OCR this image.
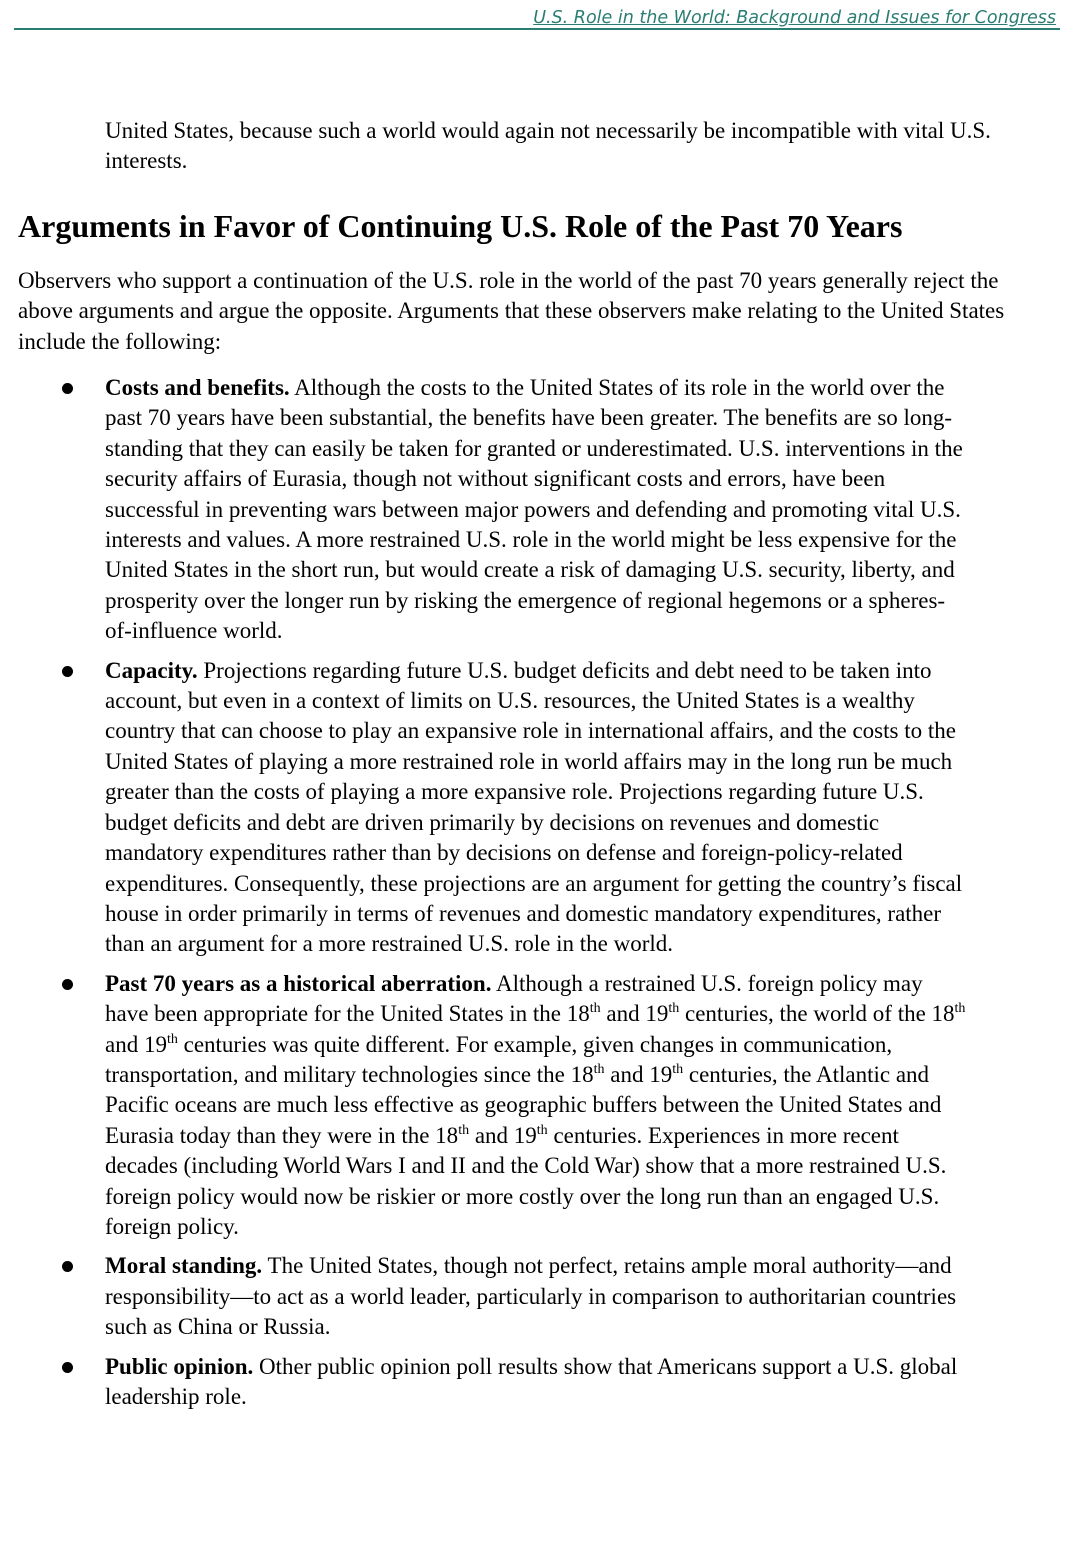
U.S. Role in the World: Background and Issues for Congress

United States, because such a world would again not necessarily be incompatible with vital U.S. interests.

Arguments in Favor of Continuing U.S. Role of the Past 70 Years

Observers who support a continuation of the U.S. role in the world of the past 70 years generally reject the above arguments and argue the opposite. Arguments that these observers make relating to the United States include the following:

Costs and benefits. Although the costs to the United States of its role in the world over the past 70 years have been substantial, the benefits have been greater. The benefits are so long-standing that they can easily be taken for granted or underestimated. U.S. interventions in the security affairs of Eurasia, though not without significant costs and errors, have been successful in preventing wars between major powers and defending and promoting vital U.S. interests and values. A more restrained U.S. role in the world might be less expensive for the United States in the short run, but would create a risk of damaging U.S. security, liberty, and prosperity over the longer run by risking the emergence of regional hegemons or a spheres-of-influence world.
Capacity. Projections regarding future U.S. budget deficits and debt need to be taken into account, but even in a context of limits on U.S. resources, the United States is a wealthy country that can choose to play an expansive role in international affairs, and the costs to the United States of playing a more restrained role in world affairs may in the long run be much greater than the costs of playing a more expansive role. Projections regarding future U.S. budget deficits and debt are driven primarily by decisions on revenues and domestic mandatory expenditures rather than by decisions on defense and foreign-policy-related expenditures. Consequently, these projections are an argument for getting the country’s fiscal house in order primarily in terms of revenues and domestic mandatory expenditures, rather than an argument for a more restrained U.S. role in the world.
Past 70 years as a historical aberration. Although a restrained U.S. foreign policy may have been appropriate for the United States in the 18th and 19th centuries, the world of the 18th and 19th centuries was quite different. For example, given changes in communication, transportation, and military technologies since the 18th and 19th centuries, the Atlantic and Pacific oceans are much less effective as geographic buffers between the United States and Eurasia today than they were in the 18th and 19th centuries. Experiences in more recent decades (including World Wars I and II and the Cold War) show that a more restrained U.S. foreign policy would now be riskier or more costly over the long run than an engaged U.S. foreign policy.
Moral standing. The United States, though not perfect, retains ample moral authority—and responsibility—to act as a world leader, particularly in comparison to authoritarian countries such as China or Russia.
Public opinion. Other public opinion poll results show that Americans support a U.S. global leadership role.
